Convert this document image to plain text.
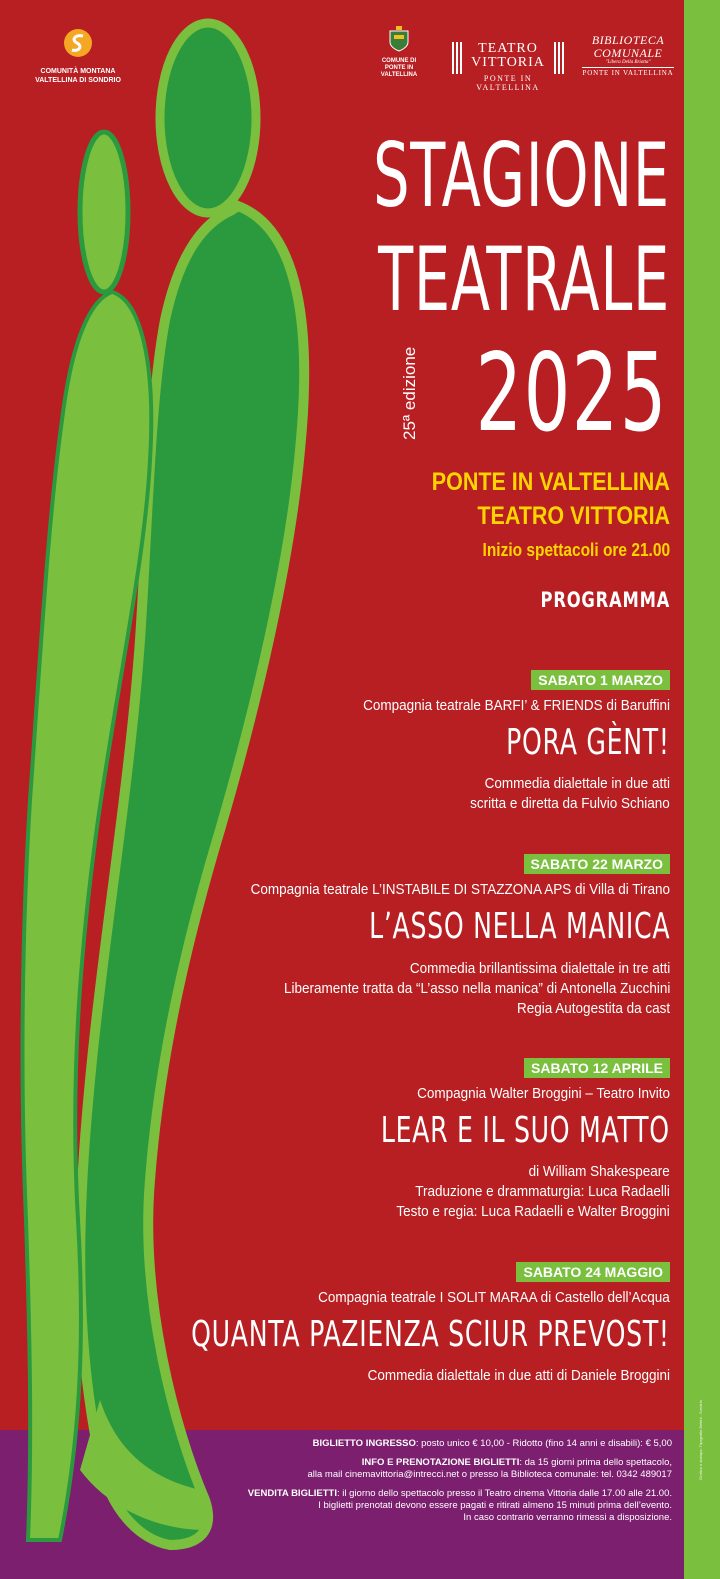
COMUNITÀ MONTANA
VALTELLINA DI SONDRIO
COMUNE DI
PONTE IN VALTELLINA
TEATRO
VITTORIA
PONTE IN VALTELLINA
BIBLIOTECA
COMUNALE
"Libera Della Briotta"
PONTE IN VALTELLINA
STAGIONE
TEATRALE
2025
25ª edizione
PONTE IN VALTELLINA
TEATRO VITTORIA
Inizio spettacoli ore 21.00
PROGRAMMA
SABATO 1 MARZO
Compagnia teatrale BARFI’ & FRIENDS di Baruffini
PORA GÈNT!
Commedia dialettale in due atti
scritta e diretta da Fulvio Schiano
SABATO 22 MARZO
Compagnia teatrale L’INSTABILE DI STAZZONA APS di Villa di Tirano
L’ASSO NELLA MANICA
Commedia brillantissima dialettale in tre atti
Liberamente tratta da “L’asso nella manica” di Antonella Zucchini
Regia Autogestita da cast
SABATO 12 APRILE
Compagnia Walter Broggini – Teatro Invito
LEAR E IL SUO MATTO
di William Shakespeare
Traduzione e drammaturgia: Luca Radaelli
Testo e regia: Luca Radaelli e Walter Broggini
SABATO 24 MAGGIO
Compagnia teatrale I SOLIT MARAA di Castello dell’Acqua
QUANTA PAZIENZA SCIUR PREVOST!
Commedia dialettale in due atti di Daniele Broggini
BIGLIETTO INGRESSO: posto unico € 10,00 - Ridotto (fino 14 anni e disabili): € 5,00
INFO E PRENOTAZIONE BIGLIETTI: da 15 giorni prima dello spettacolo,
alla mail cinemavittoria@intrecci.net o presso la Biblioteca comunale: tel. 0342 489017
VENDITA BIGLIETTI: il giorno dello spettacolo presso il Teatro cinema Vittoria dalle 17.00 alle 21.00.
I biglietti prenotati devono essere pagati e ritirati almeno 15 minuti prima dell’evento.
In caso contrario verranno rimessi a disposizione.
Grafica e stampa: Tipografia Bettini - Sondrio
